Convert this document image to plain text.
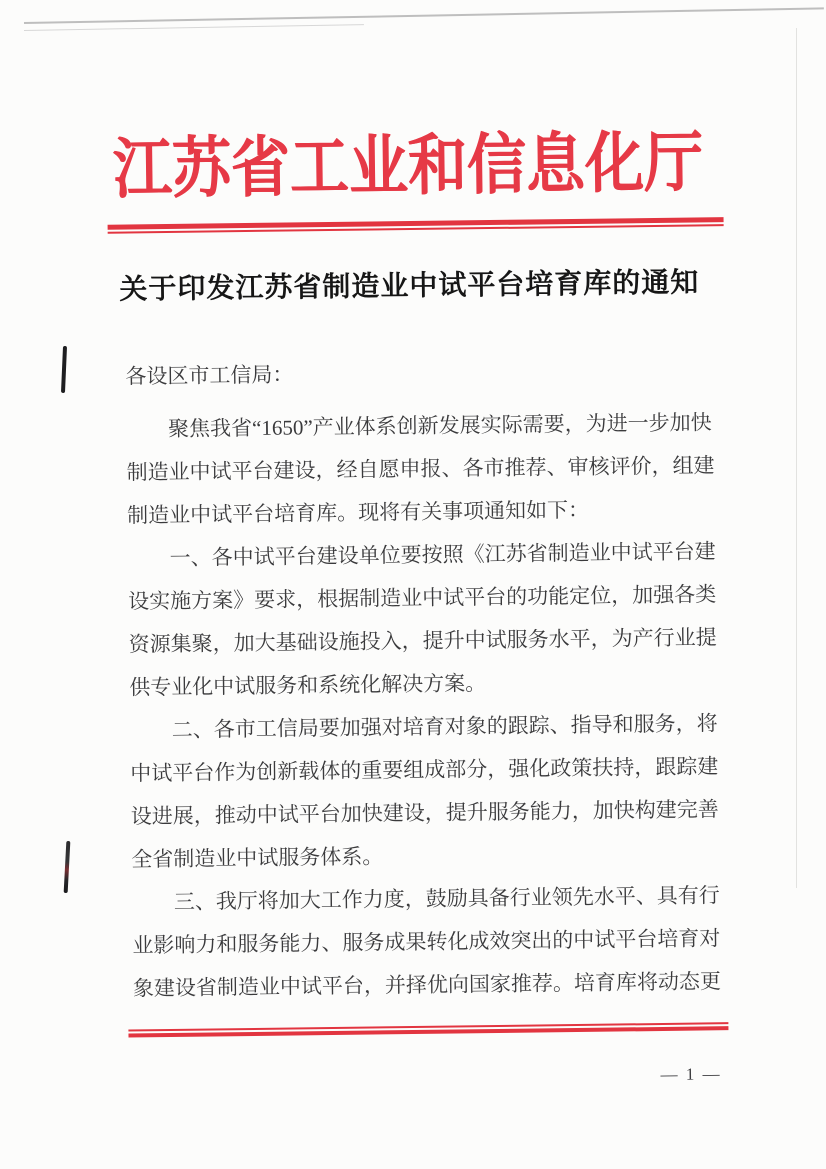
江苏省工业和信息化厅
关于印发江苏省制造业中试平台培育库的通知
各设区市工信局：
聚焦我省“1650”产业体系创新发展实际需要，为进一步加快
制造业中试平台建设，经自愿申报、各市推荐、审核评价，组建
制造业中试平台培育库。现将有关事项通知如下：
一、各中试平台建设单位要按照《江苏省制造业中试平台建
设实施方案》要求，根据制造业中试平台的功能定位，加强各类
资源集聚，加大基础设施投入，提升中试服务水平，为产行业提
供专业化中试服务和系统化解决方案。
二、各市工信局要加强对培育对象的跟踪、指导和服务，将
中试平台作为创新载体的重要组成部分，强化政策扶持，跟踪建
设进展，推动中试平台加快建设，提升服务能力，加快构建完善
全省制造业中试服务体系。
三、我厅将加大工作力度，鼓励具备行业领先水平、具有行
业影响力和服务能力、服务成果转化成效突出的中试平台培育对
象建设省制造业中试平台，并择优向国家推荐。培育库将动态更
— 1 —
